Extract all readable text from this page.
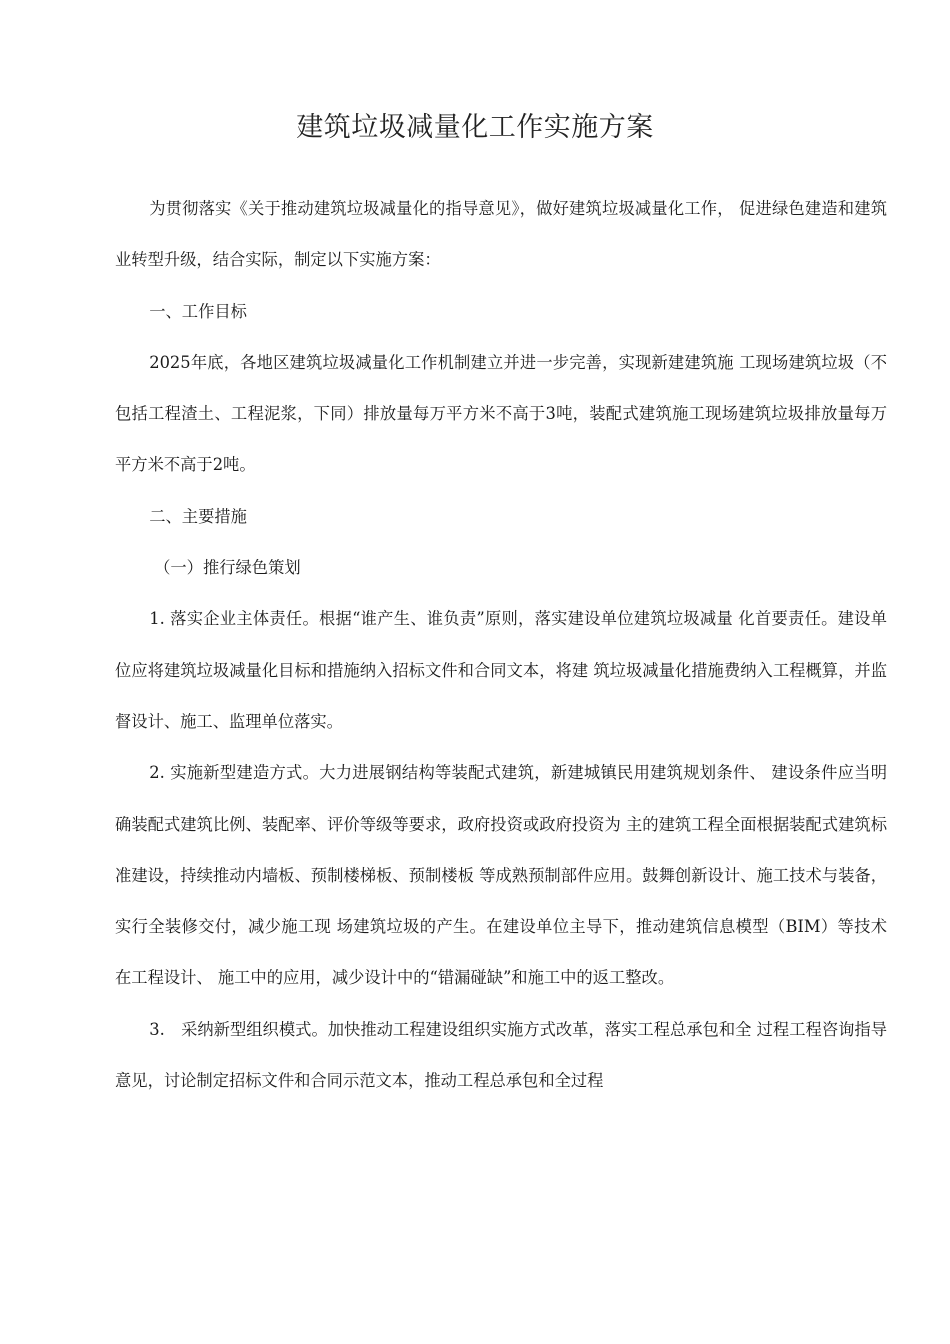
建筑垃圾减量化工作实施方案

为贯彻落实《关于推动建筑垃圾减量化的指导意见》，做好建筑垃圾减量化工作， 促进绿色建造和建筑业转型升级，结合实际，制定以下实施方案：

一、工作目标

2025年底，各地区建筑垃圾减量化工作机制建立并进一步完善，实现新建建筑施 工现场建筑垃圾（不包括工程渣土、工程泥浆，下同）排放量每万平方米不高于3吨，装配式建筑施工现场建筑垃圾排放量每万平方米不高于2吨。

二、主要措施

（一）推行绿色策划

1. 落实企业主体责任。根据“谁产生、谁负责”原则，落实建设单位建筑垃圾减量 化首要责任。建设单位应将建筑垃圾减量化目标和措施纳入招标文件和合同文本，将建 筑垃圾减量化措施费纳入工程概算，并监督设计、施工、监理单位落实。

2. 实施新型建造方式。大力进展钢结构等装配式建筑，新建城镇民用建筑规划条件、 建设条件应当明确装配式建筑比例、装配率、评价等级等要求，政府投资或政府投资为 主的建筑工程全面根据装配式建筑标准建设，持续推动内墙板、预制楼梯板、预制楼板 等成熟预制部件应用。鼓舞创新设计、施工技术与装备，实行全装修交付，减少施工现 场建筑垃圾的产生。在建设单位主导下，推动建筑信息模型（BIM）等技术在工程设计、 施工中的应用，减少设计中的“错漏碰缺”和施工中的返工整改。

3.　采纳新型组织模式。加快推动工程建设组织实施方式改革，落实工程总承包和全 过程工程咨询指导意见，讨论制定招标文件和合同示范文本，推动工程总承包和全过程
